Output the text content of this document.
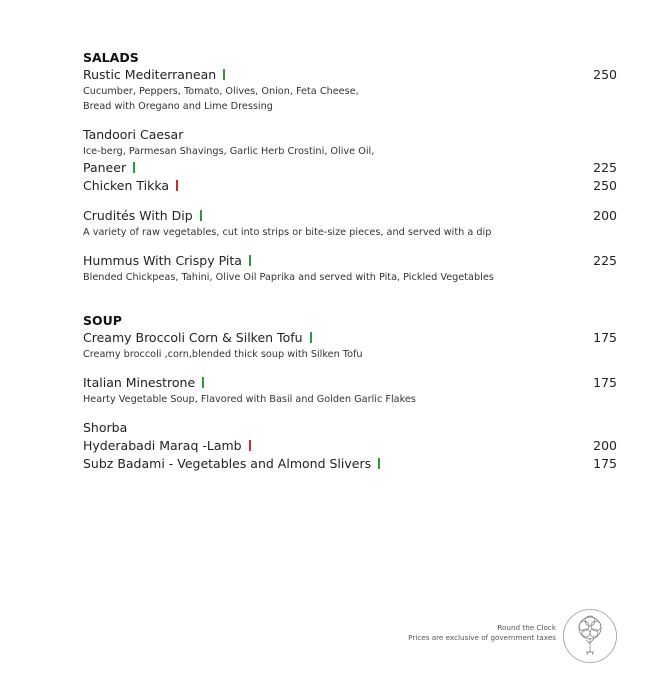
SALADS
Rustic Mediterranean	250
Cucumber, Peppers, Tomato, Olives, Onion, Feta Cheese,
Bread with Oregano and Lime Dressing
Tandoori Caesar
Ice-berg, Parmesan Shavings, Garlic Herb Crostini, Olive Oil,
Paneer	225
Chicken Tikka	250
Crudités With Dip	200
A variety of raw vegetables, cut into strips or bite-size pieces, and served with a dip
Hummus With Crispy Pita	225
Blended Chickpeas, Tahini, Olive Oil Paprika and served with Pita, Pickled Vegetables
SOUP
Creamy Broccoli Corn & Silken Tofu	175
Creamy broccoli ,corn,blended thick soup with Silken Tofu
Italian Minestrone	175
Hearty Vegetable Soup, Flavored with Basil and Golden Garlic Flakes
Shorba
Hyderabadi Maraq -Lamb	200
Subz Badami - Vegetables and Almond Slivers	175
Round the Clock
Prices are exclusive of government taxes
